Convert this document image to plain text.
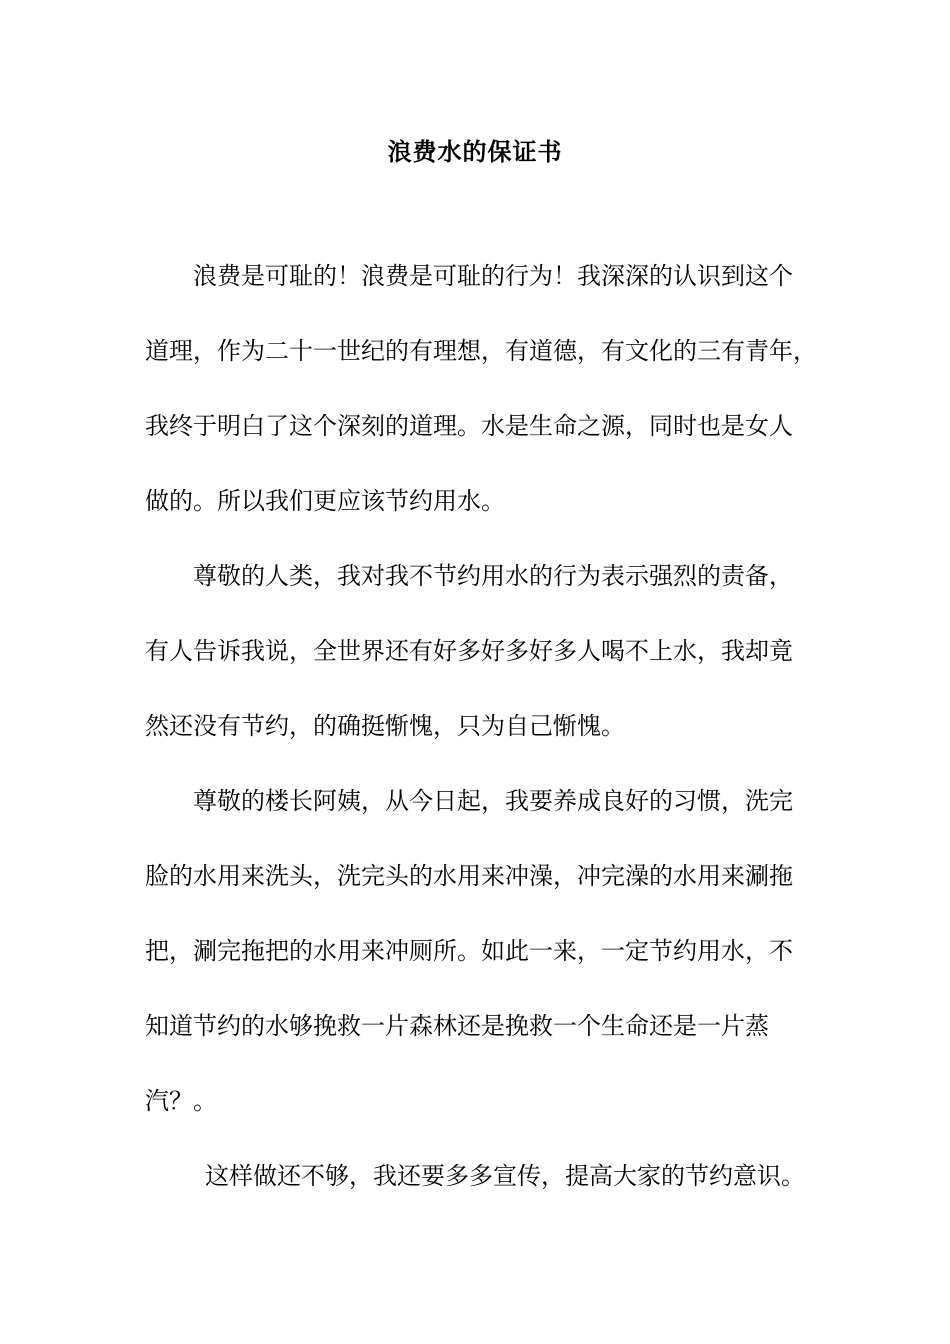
浪费水的保证书
浪费是可耻的！浪费是可耻的行为！我深深的认识到这个
道理，作为二十一世纪的有理想，有道德，有文化的三有青年，
我终于明白了这个深刻的道理。水是生命之源，同时也是女人
做的。所以我们更应该节约用水。
尊敬的人类，我对我不节约用水的行为表示强烈的责备，
有人告诉我说，全世界还有好多好多好多人喝不上水，我却竟
然还没有节约，的确挺惭愧，只为自己惭愧。
尊敬的楼长阿姨，从今日起，我要养成良好的习惯，洗完
脸的水用来洗头，洗完头的水用来冲澡，冲完澡的水用来涮拖
把，涮完拖把的水用来冲厕所。如此一来，一定节约用水，不
知道节约的水够挽救一片森林还是挽救一个生命还是一片蒸
汽？。
这样做还不够，我还要多多宣传，提高大家的节约意识。
